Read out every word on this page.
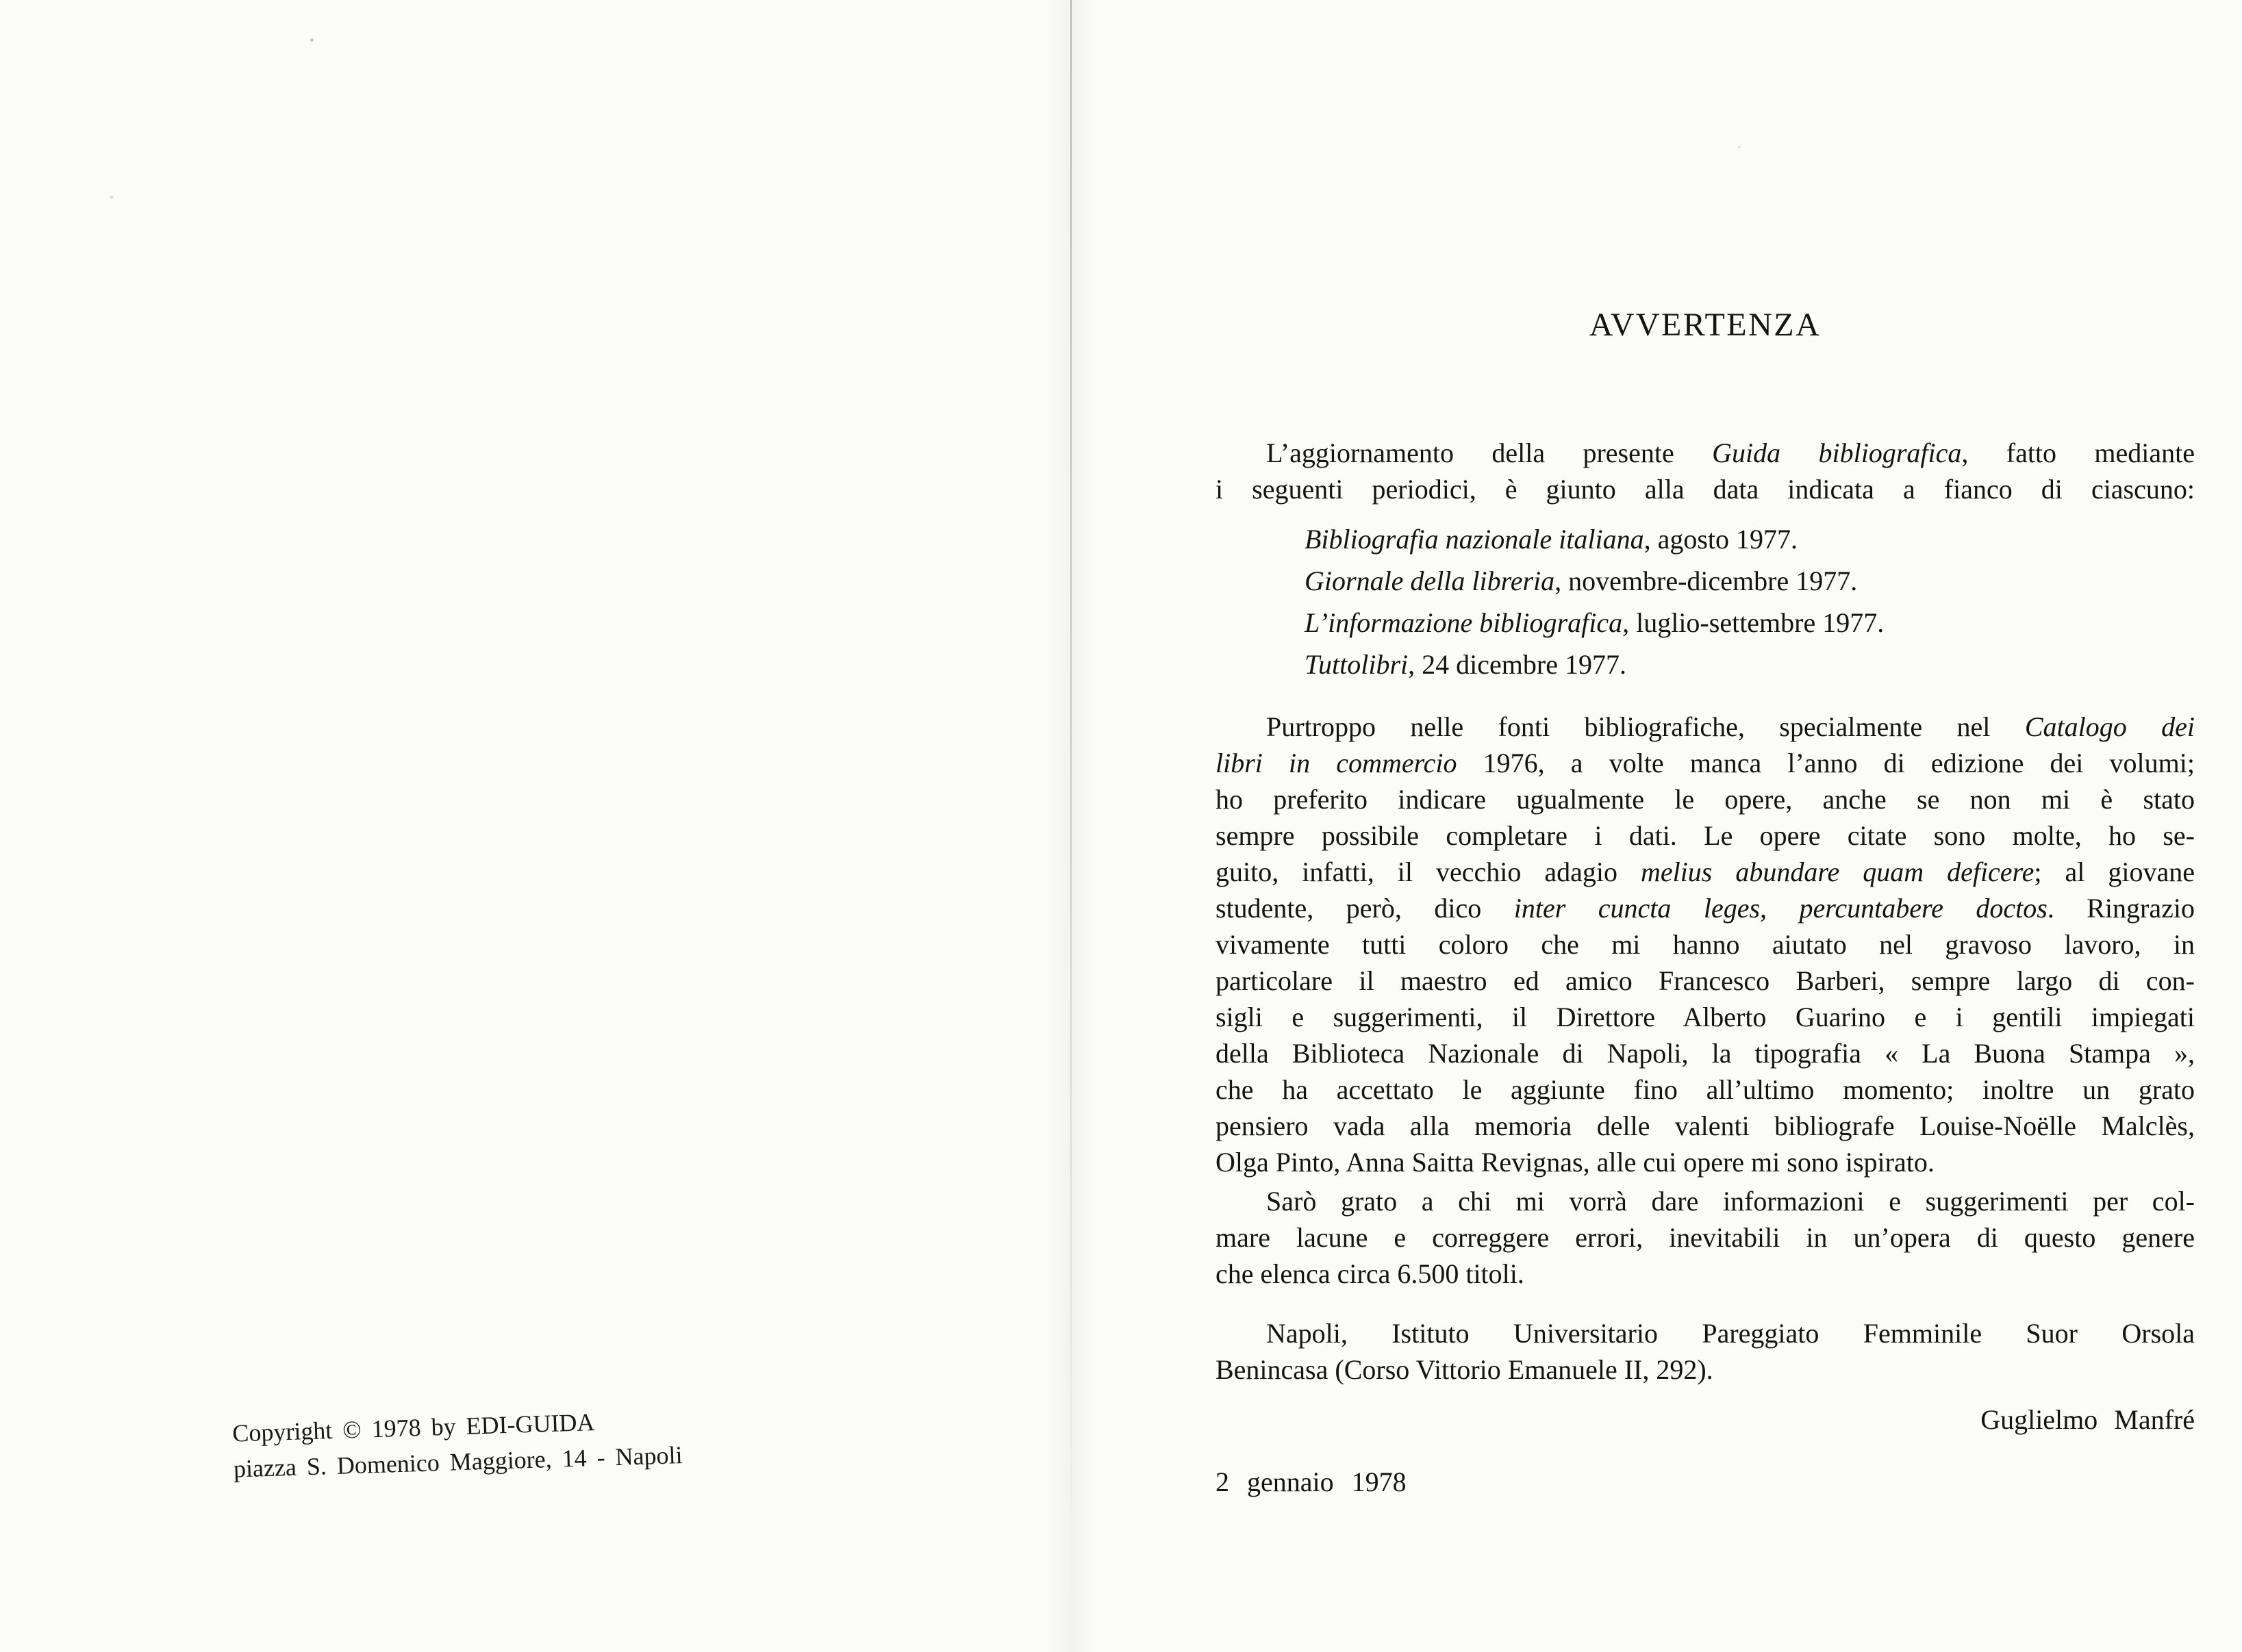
Copyright © 1978 by EDI-GUIDA
piazza S. Domenico Maggiore, 14 - Napoli
AVVERTENZA
L’aggiornamento della presente Guida bibliografica, fatto mediante
i seguenti periodici, è giunto alla data indicata a fianco di ciascuno:
Bibliografia nazionale italiana, agosto 1977.
Giornale della libreria, novembre-dicembre 1977.
L’informazione bibliografica, luglio-settembre 1977.
Tuttolibri, 24 dicembre 1977.
Purtroppo nelle fonti bibliografiche, specialmente nel Catalogo dei
libri in commercio 1976, a volte manca l’anno di edizione dei volumi;
ho preferito indicare ugualmente le opere, anche se non mi è stato
sempre possibile completare i dati. Le opere citate sono molte, ho se-
guito, infatti, il vecchio adagio melius abundare quam deficere; al giovane
studente, però, dico inter cuncta leges, percuntabere doctos. Ringrazio
vivamente tutti coloro che mi hanno aiutato nel gravoso lavoro, in
particolare il maestro ed amico Francesco Barberi, sempre largo di con-
sigli e suggerimenti, il Direttore Alberto Guarino e i gentili impiegati
della Biblioteca Nazionale di Napoli, la tipografia « La Buona Stampa »,
che ha accettato le aggiunte fino all’ultimo momento; inoltre un grato
pensiero vada alla memoria delle valenti bibliografe Louise-Noëlle Malclès,
Olga Pinto, Anna Saitta Revignas, alle cui opere mi sono ispirato.
Sarò grato a chi mi vorrà dare informazioni e suggerimenti per col-
mare lacune e correggere errori, inevitabili in un’opera di questo genere
che elenca circa 6.500 titoli.
Napoli, Istituto Universitario Pareggiato Femminile Suor Orsola
Benincasa (Corso Vittorio Emanuele II, 292).
Guglielmo Manfré
2 gennaio 1978
